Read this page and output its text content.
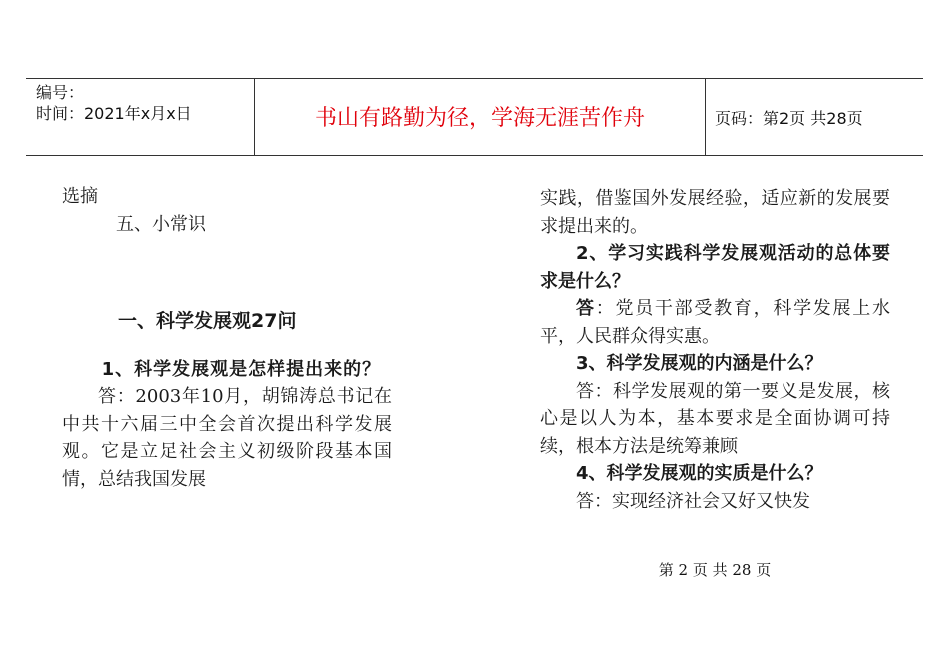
编号：
时间：2021年x月x日	书山有路勤为径，学海无涯苦作舟	页码：第2页 共28页

选摘

五、小常识

一、科学发展观27问

1、科学发展观是怎样提出来的？

答：2003年10月，胡锦涛总书记在中共十六届三中全会首次提出科学发展观。它是立足社会主义初级阶段基本国情，总结我国发展

实践，借鉴国外发展经验，适应新的发展要求提出来的。

2、学习实践科学发展观活动的总体要求是什么？

答：党员干部受教育，科学发展上水平，人民群众得实惠。

3、科学发展观的内涵是什么？

答：科学发展观的第一要义是发展，核心是以人为本，基本要求是全面协调可持续，根本方法是统筹兼顾

4、科学发展观的实质是什么？

答：实现经济社会又好又快发

第 2 页 共 28 页
